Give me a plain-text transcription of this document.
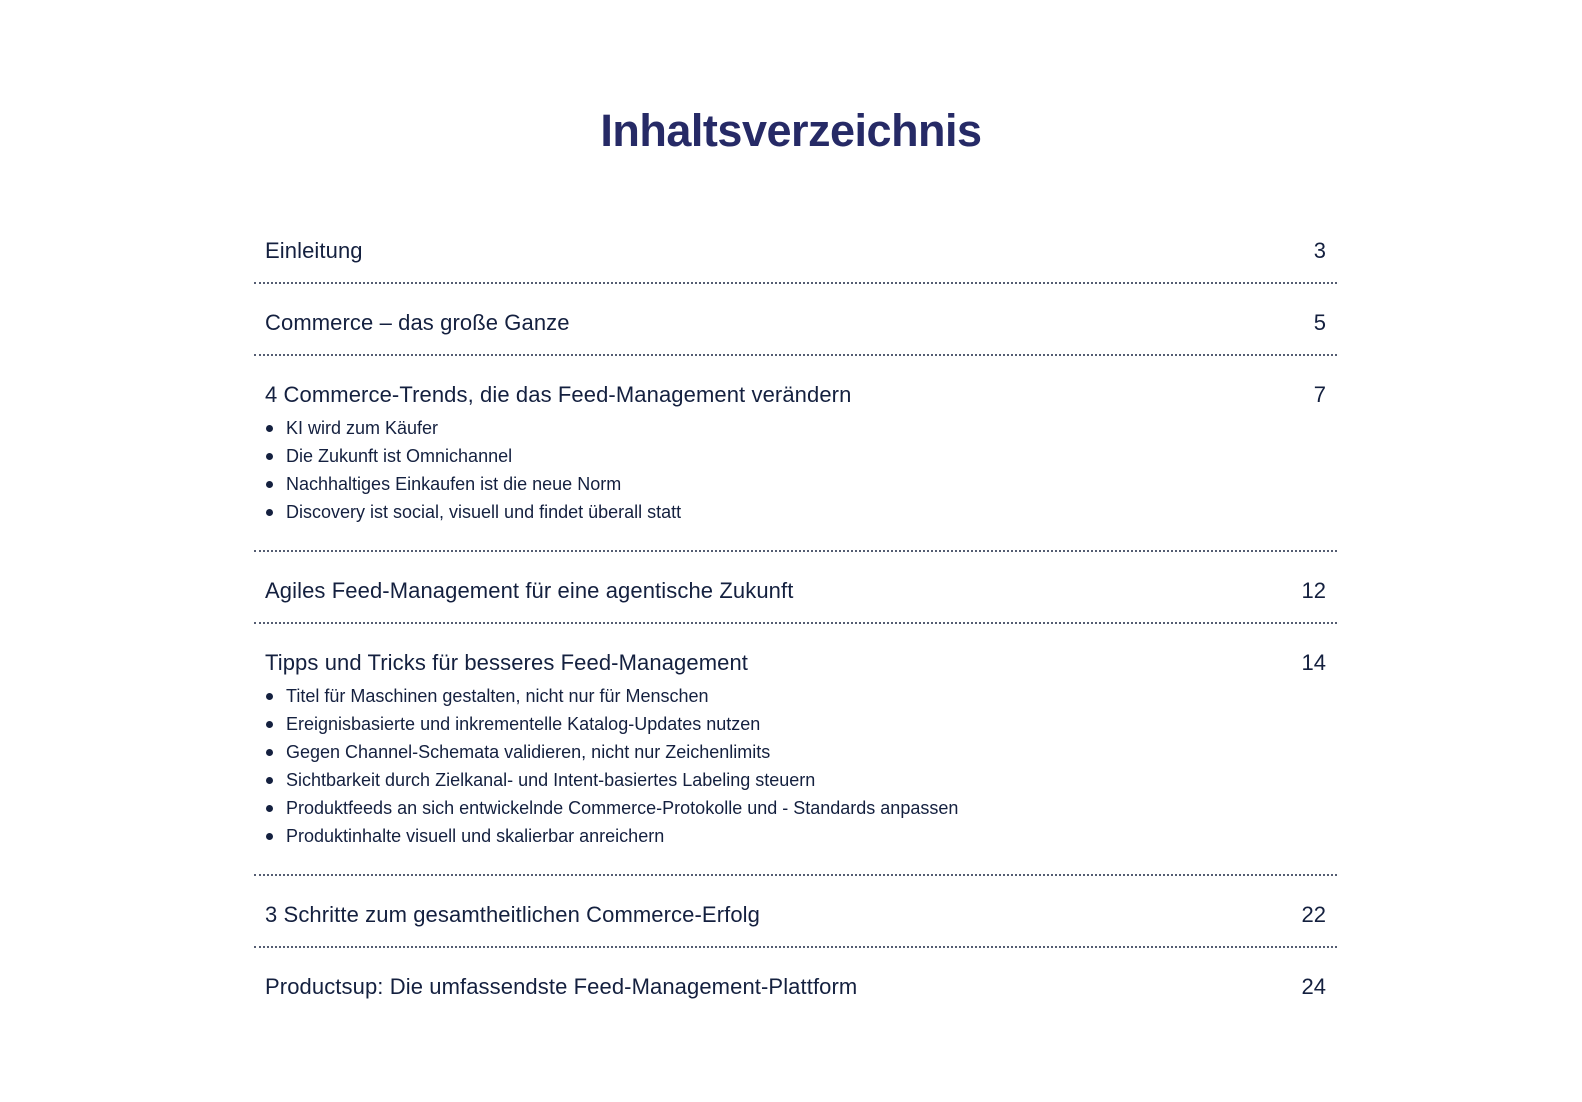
Inhaltsverzeichnis
Einleitung	3
Commerce – das große Ganze	5
4 Commerce-Trends, die das Feed-Management verändern	7
KI wird zum Käufer
Die Zukunft ist Omnichannel
Nachhaltiges Einkaufen ist die neue Norm
Discovery ist social, visuell und findet überall statt
Agiles Feed-Management für eine agentische Zukunft	12
Tipps und Tricks für besseres Feed-Management	14
Titel für Maschinen gestalten, nicht nur für Menschen
Ereignisbasierte und inkrementelle Katalog-Updates nutzen
Gegen Channel-Schemata validieren, nicht nur Zeichenlimits
Sichtbarkeit durch Zielkanal- und Intent-basiertes Labeling steuern
Produktfeeds an sich entwickelnde Commerce-Protokolle und - Standards anpassen
Produktinhalte visuell und skalierbar anreichern
3 Schritte zum gesamtheitlichen Commerce-Erfolg	22
Productsup: Die umfassendste Feed-Management-Plattform	24
